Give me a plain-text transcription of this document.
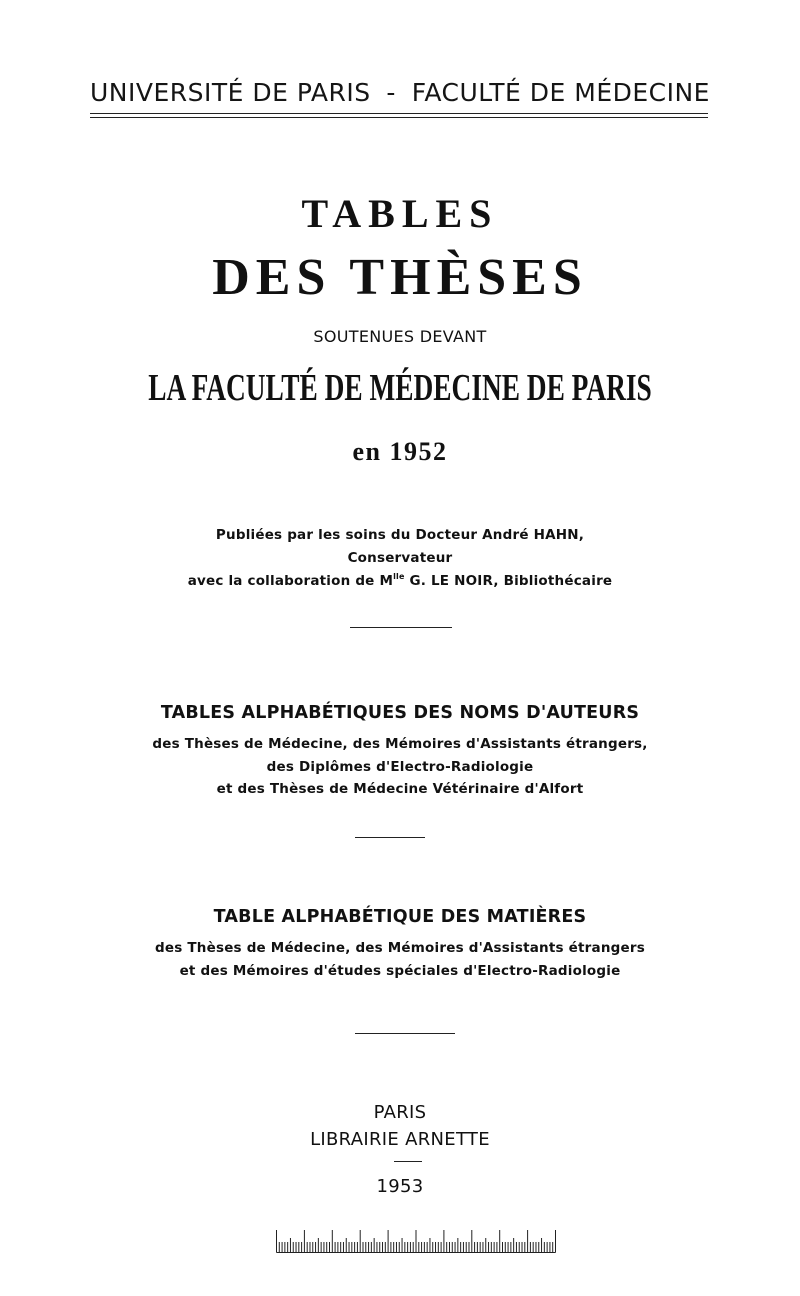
UNIVERSITÉ DE PARIS - FACULTÉ DE MÉDECINE
TABLES
DES THÈSES
SOUTENUES DEVANT
LA FACULTÉ DE MÉDECINE DE PARIS
en 1952
Publiées par les soins du Docteur André HAHN,
Conservateur
avec la collaboration de $M^{lle}$ G. LE NOIR, Bibliothécaire
TABLES ALPHABÉTIQUES DES NOMS D'AUTEURS
des Thèses de Médecine, des Mémoires d'Assistants étrangers,
des Diplômes d'Electro-Radiologie
et des Thèses de Médecine Vétérinaire d'Alfort
TABLE ALPHABÉTIQUE DES MATIÈRES
des Thèses de Médecine, des Mémoires d'Assistants étrangers
et des Mémoires d'études spéciales d'Electro-Radiologie
PARIS
LIBRAIRIE ARNETTE
1953
